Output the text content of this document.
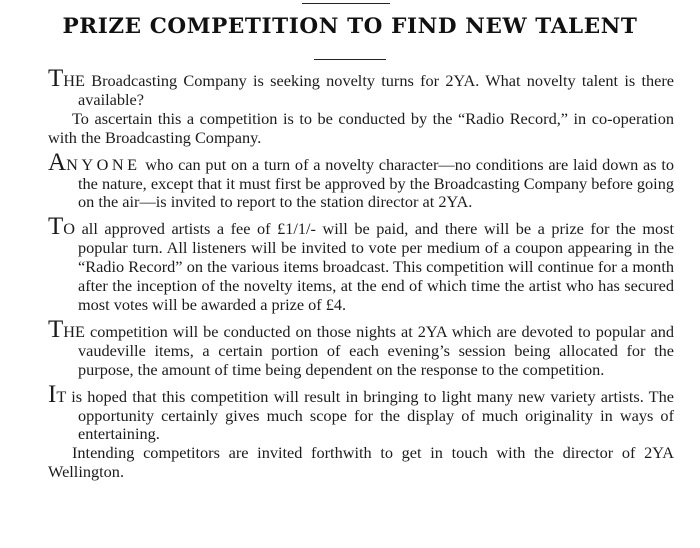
PRIZE COMPETITION TO FIND NEW TALENT

THE Broadcasting Company is seeking novelty turns for 2YA. What novelty talent is there available?

To ascertain this a competition is to be conducted by the “Radio Record,” in co-operation with the Broadcasting Company.

ANYONE who can put on a turn of a novelty character—no conditions are laid down as to the nature, except that it must first be approved by the Broadcasting Company before going on the air—is invited to report to the station director at 2YA.

TO all approved artists a fee of £1/1/- will be paid, and there will be a prize for the most popular turn. All listeners will be invited to vote per medium of a coupon appearing in the “Radio Record” on the various items broadcast. This competition will continue for a month after the inception of the novelty items, at the end of which time the artist who has secured most votes will be awarded a prize of £4.

THE competition will be conducted on those nights at 2YA which are devoted to popular and vaudeville items, a certain portion of each evening’s session being allocated for the purpose, the amount of time being dependent on the response to the competition.

IT is hoped that this competition will result in bringing to light many new variety artists. The opportunity certainly gives much scope for the display of much originality in ways of entertaining.

Intending competitors are invited forthwith to get in touch with the director of 2YA Wellington.
